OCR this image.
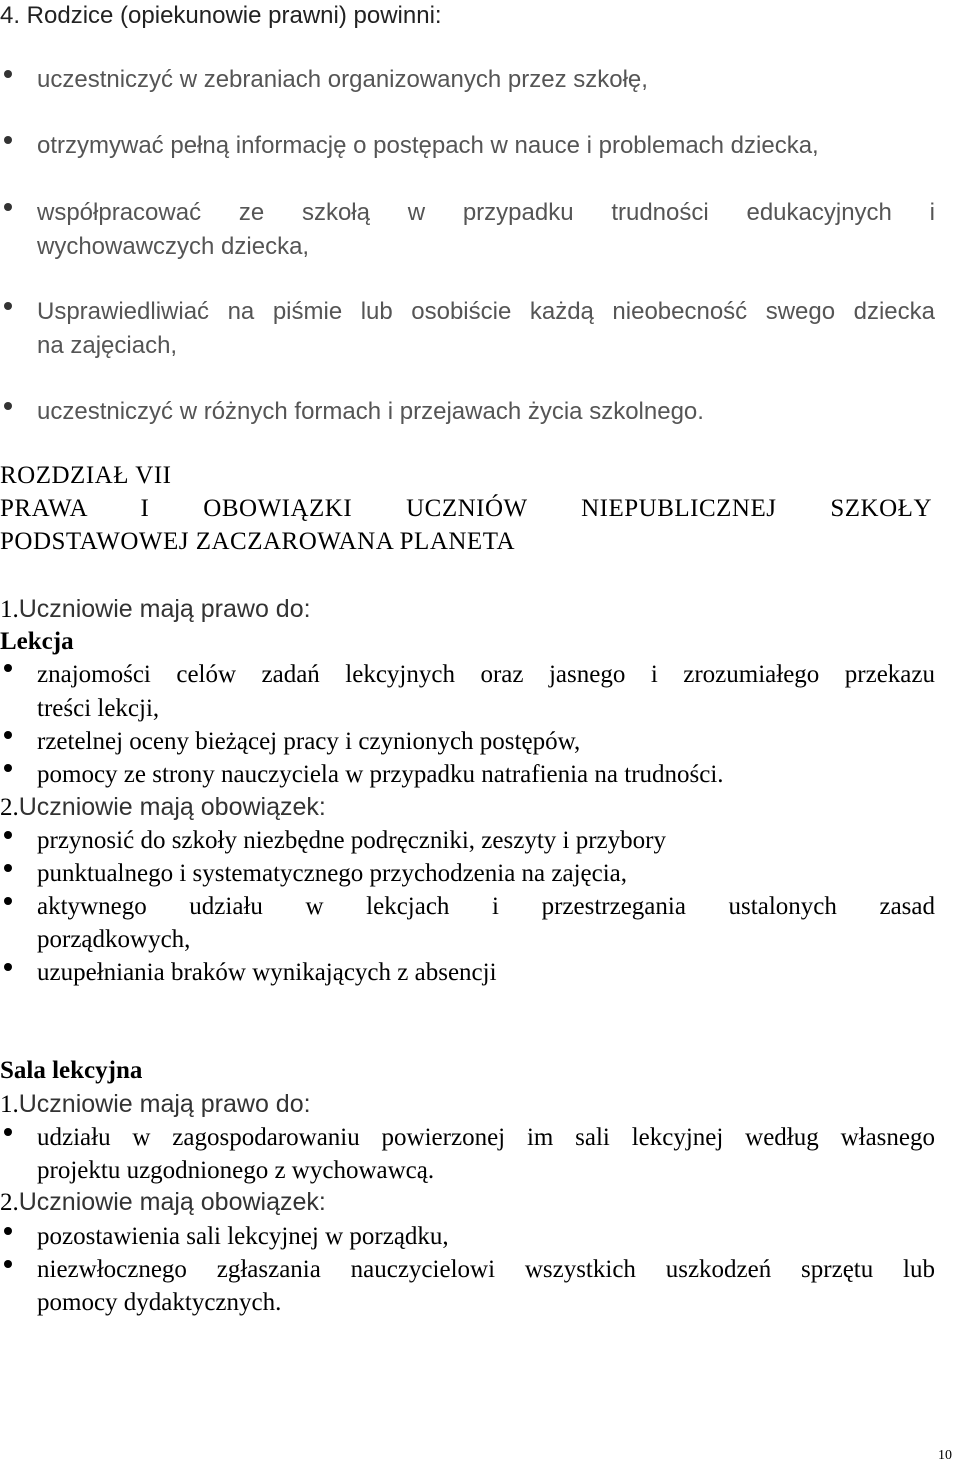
4. Rodzice (opiekunowie prawni) powinni:
uczestniczyć w zebraniach organizowanych przez szkołę,
otrzymywać pełną informację o postępach w nauce i problemach dziecka,
współpracować ze szkołą w przypadku trudności edukacyjnych i
wychowawczych dziecka,
Usprawiedliwiać na piśmie lub osobiście każdą nieobecność swego dziecka
na zajęciach,
uczestniczyć w różnych formach i przejawach życia szkolnego.
ROZDZIAŁ VII
PRAWA I OBOWIĄZKI UCZNIÓW NIEPUBLICZNEJ SZKOŁY
PODSTAWOWEJ ZACZAROWANA PLANETA
1.Uczniowie mają prawo do:
Lekcja
znajomości celów zadań lekcyjnych oraz jasnego i zrozumiałego przekazu
treści lekcji,
rzetelnej oceny bieżącej pracy i czynionych postępów,
pomocy ze strony nauczyciela w przypadku natrafienia na trudności.
2.Uczniowie mają obowiązek:
przynosić do szkoły niezbędne podręczniki, zeszyty i przybory
punktualnego i systematycznego przychodzenia na zajęcia,
aktywnego udziału w lekcjach i przestrzegania ustalonych zasad
porządkowych,
uzupełniania braków wynikających z absencji
Sala lekcyjna
1.Uczniowie mają prawo do:
udziału w zagospodarowaniu powierzonej im sali lekcyjnej według własnego
projektu uzgodnionego z wychowawcą.
2.Uczniowie mają obowiązek:
pozostawienia sali lekcyjnej w porządku,
niezwłocznego zgłaszania nauczycielowi wszystkich uszkodzeń sprzętu lub
pomocy dydaktycznych.
10
